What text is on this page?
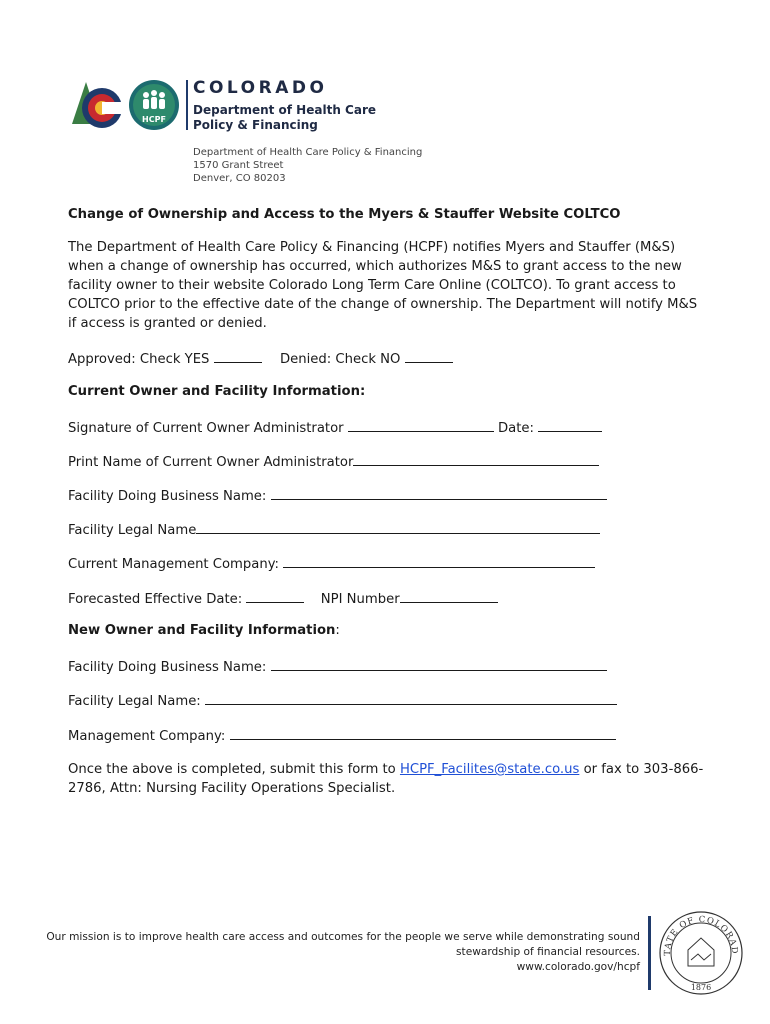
HCPF
COLORADO
Department of Health Care
Policy & Financing
Department of Health Care Policy & Financing
1570 Grant Street
Denver, CO 80203
Change of Ownership and Access to the Myers & Stauffer Website COLTCO
The Department of Health Care Policy & Financing (HCPF) notifies Myers and Stauffer (M&S) when a change of ownership has occurred, which authorizes M&S to grant access to the new facility owner to their website Colorado Long Term Care Online (COLTCO). To grant access to COLTCO prior to the effective date of the change of ownership. The Department will notify M&S if access is granted or denied.
Approved: Check YES	Denied: Check NO
Current Owner and Facility Information:
Signature of Current Owner Administrator	Date:
Print Name of Current Owner Administrator
Facility Doing Business Name:
Facility Legal Name
Current Management Company:
Forecasted Effective Date:	NPI Number
New Owner and Facility Information:
Facility Doing Business Name:
Facility Legal Name:
Management Company:
Once the above is completed, submit this form to HCPF_Facilites@state.co.us or fax to 303-866-2786, Attn: Nursing Facility Operations Specialist.
Our mission is to improve health care access and outcomes for the people we serve while demonstrating sound
stewardship of financial resources.
www.colorado.gov/hcpf
TATE OF COLORAD
1876
